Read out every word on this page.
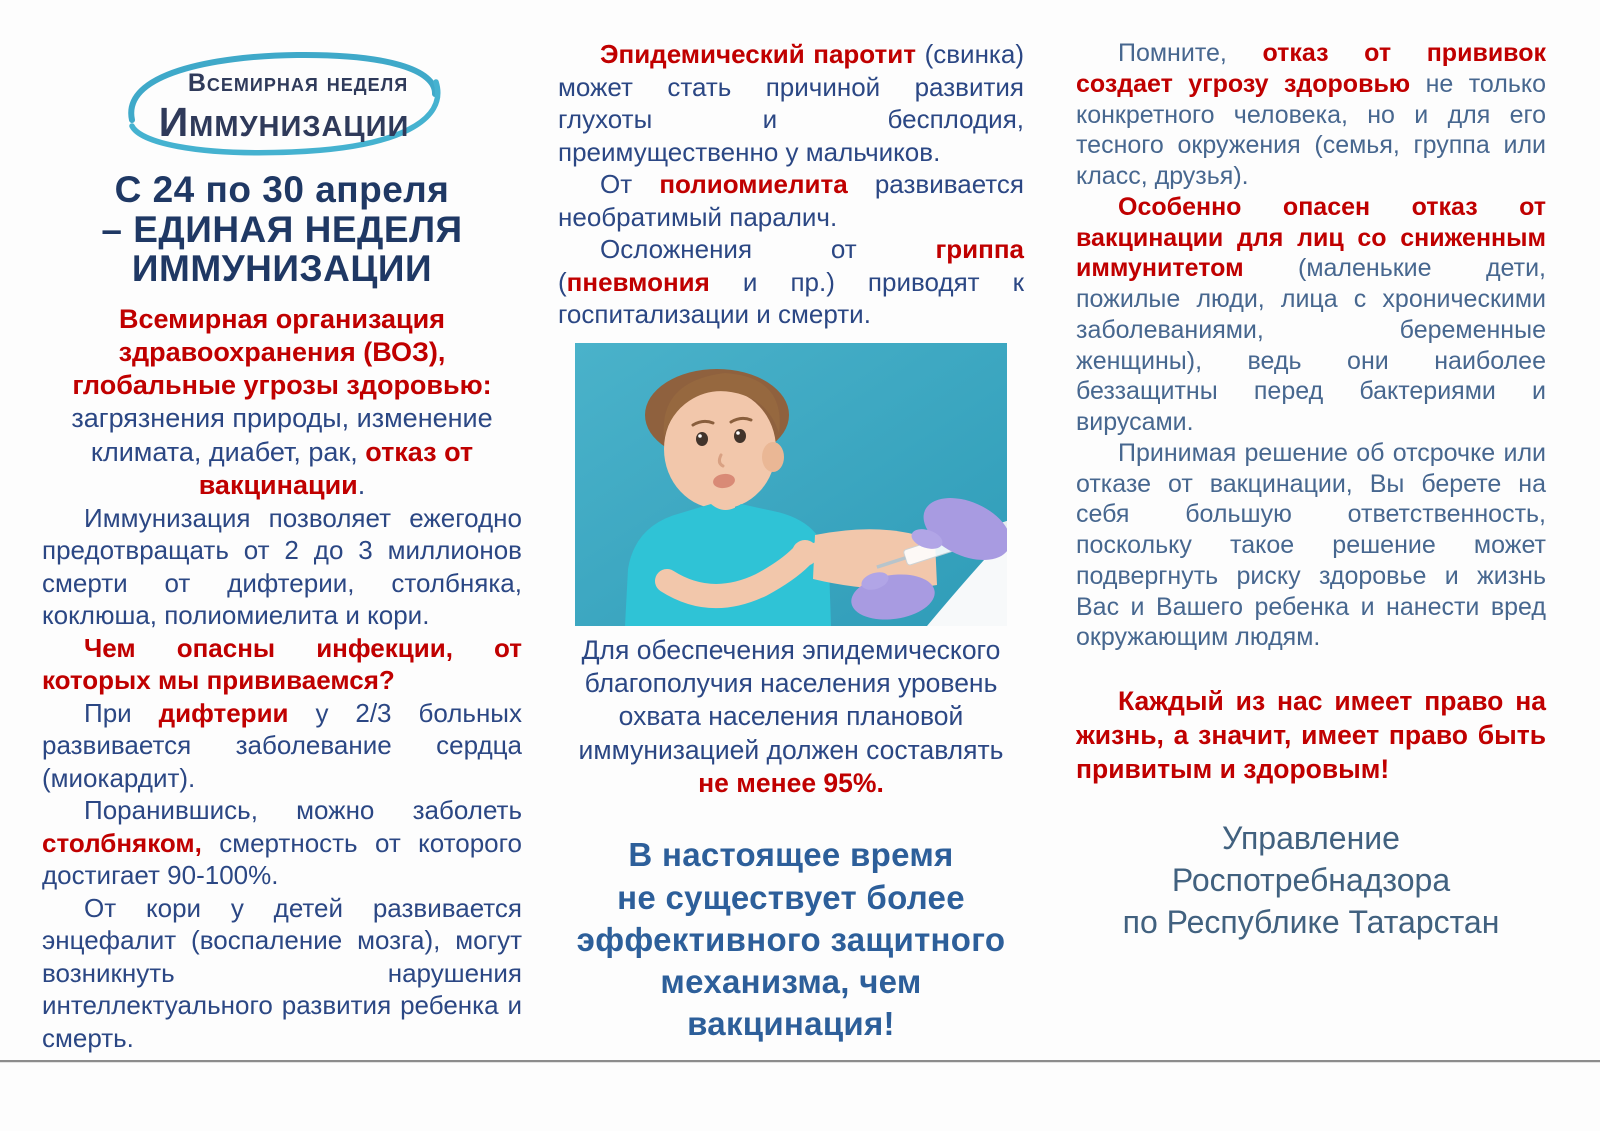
Всемирная неделя
Иммунизации
С 24 по 30 апреля
– ЕДИНАЯ НЕДЕЛЯ
ИММУНИЗАЦИИ
Всемирная организация здравоохранения (ВОЗ), глобальные угрозы здоровью: загрязнения природы, изменение климата, диабет, рак, отказ от вакцинации.
Иммунизация позволяет ежегодно предотвращать от 2 до 3 миллионов смерти от дифтерии, столбняка, коклюша, полиомиелита и кори.
Чем опасны инфекции, от которых мы прививаемся?
При дифтерии у 2/3 больных развивается заболевание сердца (миокардит).
Поранившись, можно заболеть столбняком, смертность от которого достигает 90-100%.
От кори у детей развивается энцефалит (воспаление мозга), могут возникнуть нарушения интеллектуального развития ребенка и смерть.
Эпидемический паротит (свинка) может стать причиной развития глухоты и бесплодия, преимущественно у мальчиков.
От полиомиелита развивается необратимый паралич.
Осложнения от гриппа (пневмония и пр.) приводят к госпитализации и смерти.
Для обеспечения эпидемического благополучия населения уровень охвата населения плановой иммунизацией должен составлять
не менее 95%.
В настоящее время
не существует более
эффективного защитного
механизма, чем
вакцинация!
Помните, отказ от прививок создает угрозу здоровью не только конкретного человека, но и для его тесного окружения (семья, группа или класс, друзья).
Особенно опасен отказ от вакцинации для лиц со сниженным иммунитетом (маленькие дети, пожилые люди, лица с хроническими заболеваниями, беременные женщины), ведь они наиболее беззащитны перед бактериями и вирусами.
Принимая решение об отсрочке или отказе от вакцинации, Вы берете на себя большую ответственность, поскольку такое решение может подвергнуть риску здоровье и жизнь Вас и Вашего ребенка и нанести вред окружающим людям.
Каждый из нас имеет право на жизнь, а значит, имеет право быть привитым и здоровым!
Управление
Роспотребнадзора
по Республике Татарстан
